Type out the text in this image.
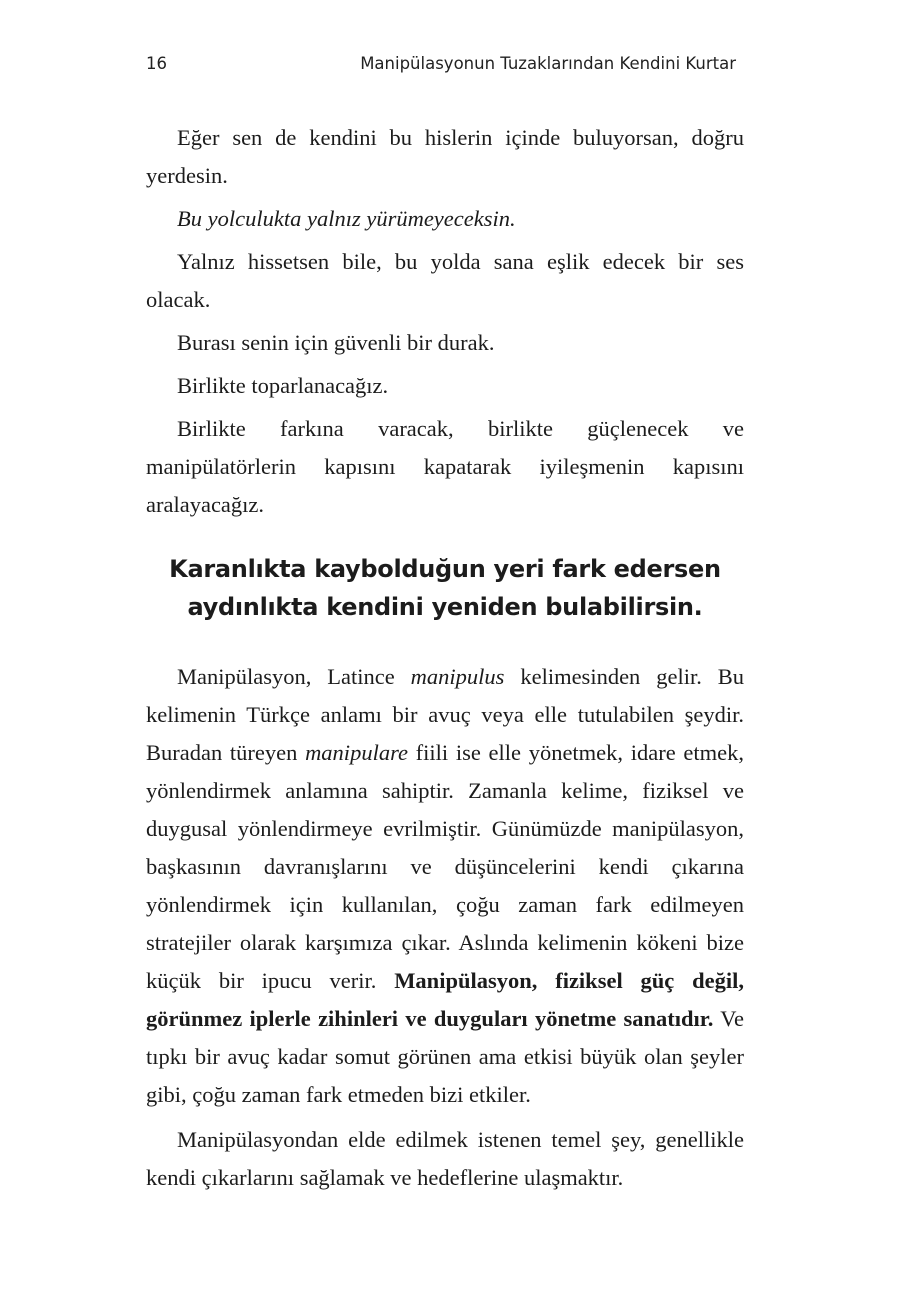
16	Manipülasyonun Tuzaklarından Kendini Kurtar

Eğer sen de kendini bu hislerin içinde buluyorsan, doğru yerdesin.

Bu yolculukta yalnız yürümeyeceksin.

Yalnız hissetsen bile, bu yolda sana eşlik edecek bir ses olacak.

Burası senin için güvenli bir durak.

Birlikte toparlanacağız.

Birlikte farkına varacak, birlikte güçlenecek ve manipülatörlerin kapısını kapatarak iyileşmenin kapısını aralayacağız.

Karanlıkta kaybolduğun yeri fark edersen
aydınlıkta kendini yeniden bulabilirsin.

Manipülasyon, Latince manipulus kelimesinden gelir. Bu kelimenin Türkçe anlamı bir avuç veya elle tutulabilen şeydir. Buradan türeyen manipulare fiili ise elle yönetmek, idare etmek, yönlendirmek anlamına sahiptir. Zamanla kelime, fiziksel ve duygusal yönlendirmeye evrilmiştir. Günümüzde manipülasyon, başkasının davranışlarını ve düşüncelerini kendi çıkarına yönlendirmek için kullanılan, çoğu zaman fark edilmeyen stratejiler olarak karşımıza çıkar. Aslında kelimenin kökeni bize küçük bir ipucu verir. Manipülasyon, fiziksel güç değil, görünmez iplerle zihinleri ve duyguları yönetme sanatıdır. Ve tıpkı bir avuç kadar somut görünen ama etkisi büyük olan şeyler gibi, çoğu zaman fark etmeden bizi etkiler.

Manipülasyondan elde edilmek istenen temel şey, genellikle kendi çıkarlarını sağlamak ve hedeflerine ulaşmaktır.
